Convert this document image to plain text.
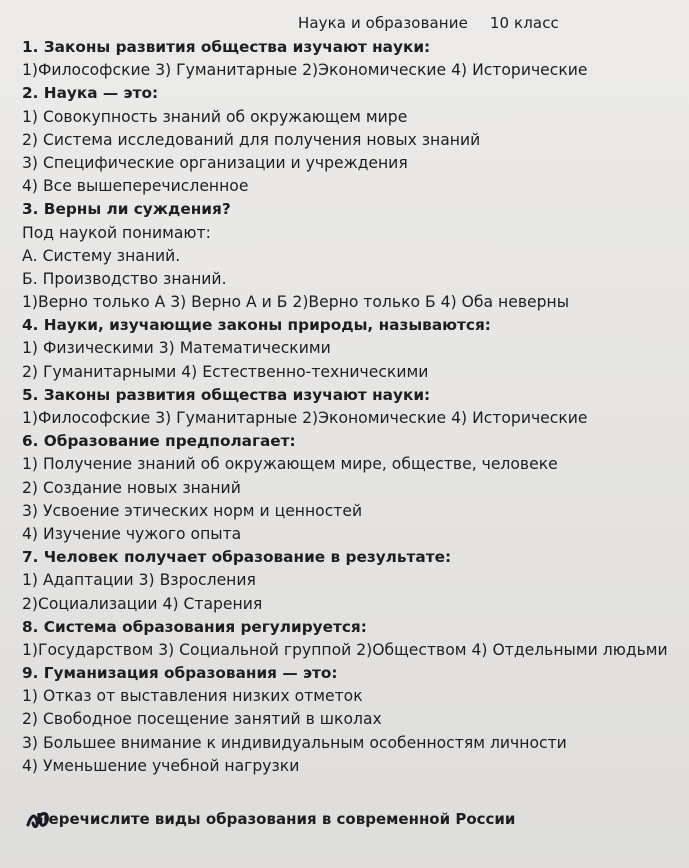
Наука и образование 10 класс
1. Законы развития общества изучают науки:
1)Философские 3) Гуманитарные 2)Экономические 4) Исторические
2. Наука — это:
1) Совокупность знаний об окружающем мире
2) Система исследований для получения новых знаний
3) Специфические организации и учреждения
4) Все вышеперечисленное
3. Верны ли суждения?
Под наукой понимают:
А. Систему знаний.
Б. Производство знаний.
1)Верно только А 3) Верно А и Б 2)Верно только Б 4) Оба неверны
4. Науки, изучающие законы природы, называются:
1) Физическими 3) Математическими
2) Гуманитарными 4) Естественно-техническими
5. Законы развития общества изучают науки:
1)Философские 3) Гуманитарные 2)Экономические 4) Исторические
6. Образование предполагает:
1) Получение знаний об окружающем мире, обществе, человеке
2) Создание новых знаний
3) Усвоение этических норм и ценностей
4) Изучение чужого опыта
7. Человек получает образование в результате:
1) Адаптации 3) Взросления
2)Социализации 4) Старения
8. Система образования регулируется:
1)Государством 3) Социальной группой 2)Обществом 4) Отдельными людьми
9. Гуманизация образования — это:
1) Отказ от выставления низких отметок
2) Свободное посещение занятий в школах
3) Большее внимание к индивидуальным особенностям личности
4) Уменьшение учебной нагрузки
Перечислите виды образования в современной России
